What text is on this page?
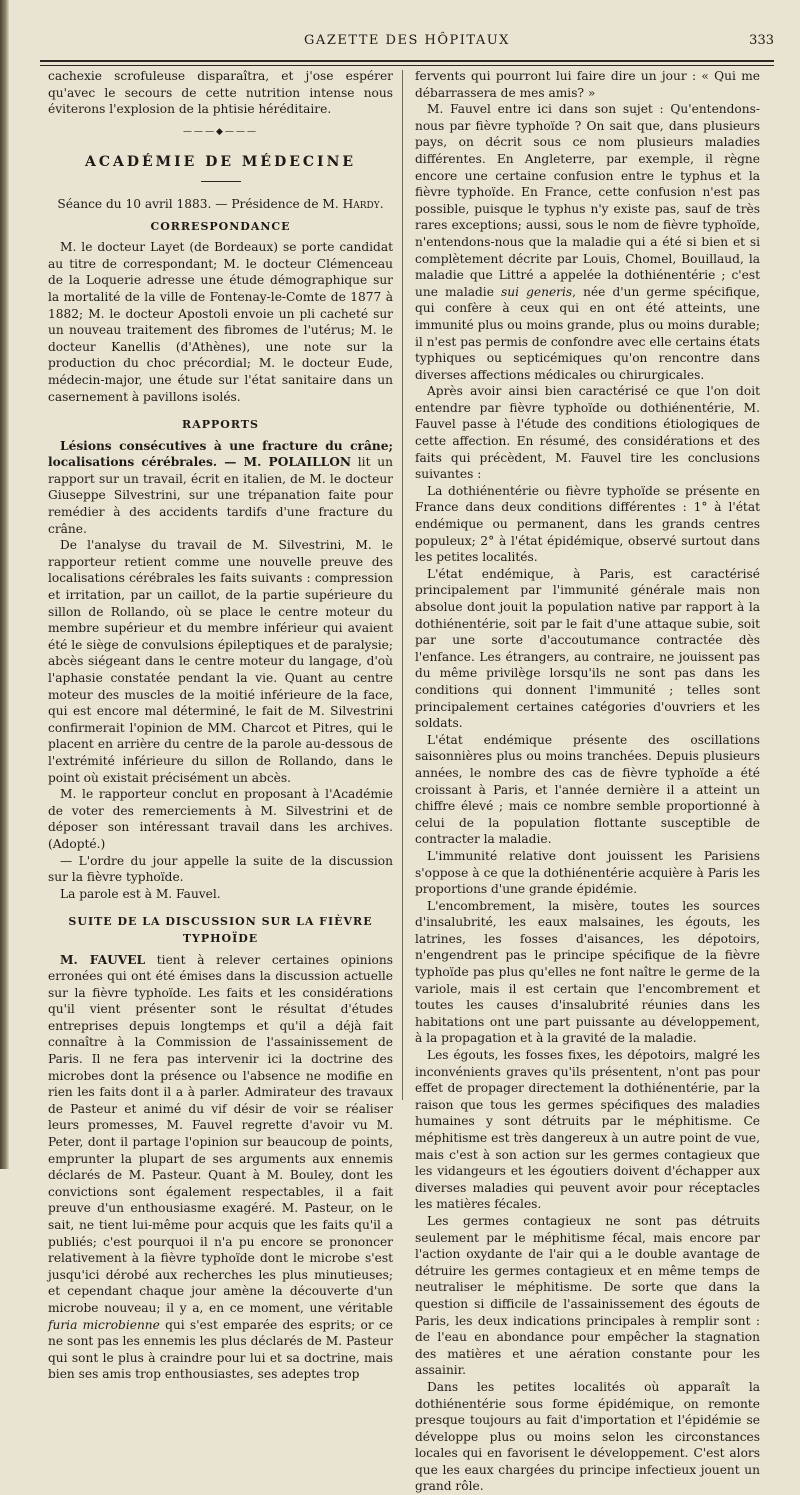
GAZETTE DES HÔPITAUX	333

cachexie scrofuleuse disparaîtra, et j'ose espérer qu'avec le secours de cette nutrition intense nous éviterons l'explosion de la phtisie héréditaire.

———◆———
ACADÉMIE DE MÉDECINE
Séance du 10 avril 1883. — Présidence de M. Hardy.
CORRESPONDANCE

M. le docteur Layet (de Bordeaux) se porte candidat au titre de correspondant; M. le docteur Clémenceau de la Loquerie adresse une étude démographique sur la mortalité de la ville de Fontenay-le-Comte de 1877 à 1882; M. le docteur Apostoli envoie un pli cacheté sur un nouveau traitement des fibromes de l'utérus; M. le docteur Kanellis (d'Athènes), une note sur la production du choc précordial; M. le docteur Eude, médecin-major, une étude sur l'état sanitaire dans un casernement à pavillons isolés.

RAPPORTS

Lésions consécutives à une fracture du crâne; localisations cérébrales. — M. POLAILLON lit un rapport sur un travail, écrit en italien, de M. le docteur Giuseppe Silvestrini, sur une trépanation faite pour remédier à des accidents tardifs d'une fracture du crâne.

De l'analyse du travail de M. Silvestrini, M. le rapporteur retient comme une nouvelle preuve des localisations cérébrales les faits suivants : compression et irritation, par un caillot, de la partie supérieure du sillon de Rollando, où se place le centre moteur du membre supérieur et du membre inférieur qui avaient été le siège de convulsions épileptiques et de paralysie; abcès siégeant dans le centre moteur du langage, d'où l'aphasie constatée pendant la vie. Quant au centre moteur des muscles de la moitié inférieure de la face, qui est encore mal déterminé, le fait de M. Silvestrini confirmerait l'opinion de MM. Charcot et Pitres, qui le placent en arrière du centre de la parole au-dessous de l'extrémité inférieure du sillon de Rollando, dans le point où existait précisément un abcès.

M. le rapporteur conclut en proposant à l'Académie de voter des remerciements à M. Silvestrini et de déposer son intéressant travail dans les archives. (Adopté.)

— L'ordre du jour appelle la suite de la discussion sur la fièvre typhoïde.

La parole est à M. Fauvel.

SUITE DE LA DISCUSSION SUR LA FIÈVRE TYPHOÏDE

M. FAUVEL tient à relever certaines opinions erronées qui ont été émises dans la discussion actuelle sur la fièvre typhoïde. Les faits et les considérations qu'il vient présenter sont le résultat d'études entreprises depuis longtemps et qu'il a déjà fait connaître à la Commission de l'assainissement de Paris. Il ne fera pas intervenir ici la doctrine des microbes dont la présence ou l'absence ne modifie en rien les faits dont il a à parler. Admirateur des travaux de Pasteur et animé du vif désir de voir se réaliser leurs promesses, M. Fauvel regrette d'avoir vu M. Peter, dont il partage l'opinion sur beaucoup de points, emprunter la plupart de ses arguments aux ennemis déclarés de M. Pasteur. Quant à M. Bouley, dont les convictions sont également respectables, il a fait preuve d'un enthousiasme exagéré. M. Pasteur, on le sait, ne tient lui-même pour acquis que les faits qu'il a publiés; c'est pourquoi il n'a pu encore se prononcer relativement à la fièvre typhoïde dont le microbe s'est jusqu'ici dérobé aux recherches les plus minutieuses; et cependant chaque jour amène la découverte d'un microbe nouveau; il y a, en ce moment, une véritable furia microbienne qui s'est emparée des esprits; or ce ne sont pas les ennemis les plus déclarés de M. Pasteur qui sont le plus à craindre pour lui et sa doctrine, mais bien ses amis trop enthousiastes, ses adeptes trop

fervents qui pourront lui faire dire un jour : « Qui me débarrassera de mes amis? »

M. Fauvel entre ici dans son sujet : Qu'entendons-nous par fièvre typhoïde ? On sait que, dans plusieurs pays, on décrit sous ce nom plusieurs maladies différentes. En Angleterre, par exemple, il règne encore une certaine confusion entre le typhus et la fièvre typhoïde. En France, cette confusion n'est pas possible, puisque le typhus n'y existe pas, sauf de très rares exceptions; aussi, sous le nom de fièvre typhoïde, n'entendons-nous que la maladie qui a été si bien et si complètement décrite par Louis, Chomel, Bouillaud, la maladie que Littré a appelée la dothiénentérie ; c'est une maladie sui generis, née d'un germe spécifique, qui confère à ceux qui en ont été atteints, une immunité plus ou moins grande, plus ou moins durable; il n'est pas permis de confondre avec elle certains états typhiques ou septicémiques qu'on rencontre dans diverses affections médicales ou chirurgicales.

Après avoir ainsi bien caractérisé ce que l'on doit entendre par fièvre typhoïde ou dothiénentérie, M. Fauvel passe à l'étude des conditions étiologiques de cette affection. En résumé, des considérations et des faits qui précèdent, M. Fauvel tire les conclusions suivantes :

La dothiénentérie ou fièvre typhoïde se présente en France dans deux conditions différentes : 1° à l'état endémique ou permanent, dans les grands centres populeux; 2° à l'état épidémique, observé surtout dans les petites localités.

L'état endémique, à Paris, est caractérisé principalement par l'immunité générale mais non absolue dont jouit la population native par rapport à la dothiénentérie, soit par le fait d'une attaque subie, soit par une sorte d'accoutumance contractée dès l'enfance. Les étrangers, au contraire, ne jouissent pas du même privilège lorsqu'ils ne sont pas dans les conditions qui donnent l'immunité ; telles sont principalement certaines catégories d'ouvriers et les soldats.

L'état endémique présente des oscillations saisonnières plus ou moins tranchées. Depuis plusieurs années, le nombre des cas de fièvre typhoïde a été croissant à Paris, et l'année dernière il a atteint un chiffre élevé ; mais ce nombre semble proportionné à celui de la population flottante susceptible de contracter la maladie.

L'immunité relative dont jouissent les Parisiens s'oppose à ce que la dothiénentérie acquière à Paris les proportions d'une grande épidémie.

L'encombrement, la misère, toutes les sources d'insalubrité, les eaux malsaines, les égouts, les latrines, les fosses d'aisances, les dépotoirs, n'engendrent pas le principe spécifique de la fièvre typhoïde pas plus qu'elles ne font naître le germe de la variole, mais il est certain que l'encombrement et toutes les causes d'insalubrité réunies dans les habitations ont une part puissante au développement, à la propagation et à la gravité de la maladie.

Les égouts, les fosses fixes, les dépotoirs, malgré les inconvénients graves qu'ils présentent, n'ont pas pour effet de propager directement la dothiénentérie, par la raison que tous les germes spécifiques des maladies humaines y sont détruits par le méphitisme. Ce méphitisme est très dangereux à un autre point de vue, mais c'est à son action sur les germes contagieux que les vidangeurs et les égoutiers doivent d'échapper aux diverses maladies qui peuvent avoir pour réceptacles les matières fécales.

Les germes contagieux ne sont pas détruits seulement par le méphitisme fécal, mais encore par l'action oxydante de l'air qui a le double avantage de détruire les germes contagieux et en même temps de neutraliser le méphitisme. De sorte que dans la question si difficile de l'assainissement des égouts de Paris, les deux indications principales à remplir sont : de l'eau en abondance pour empêcher la stagnation des matières et une aération constante pour les assainir.

Dans les petites localités où apparaît la dothiénentérie sous forme épidémique, on remonte presque toujours au fait d'importation et l'épidémie se développe plus ou moins selon les circonstances locales qui en favorisent le développement. C'est alors que les eaux chargées du principe infectieux jouent un grand rôle.
